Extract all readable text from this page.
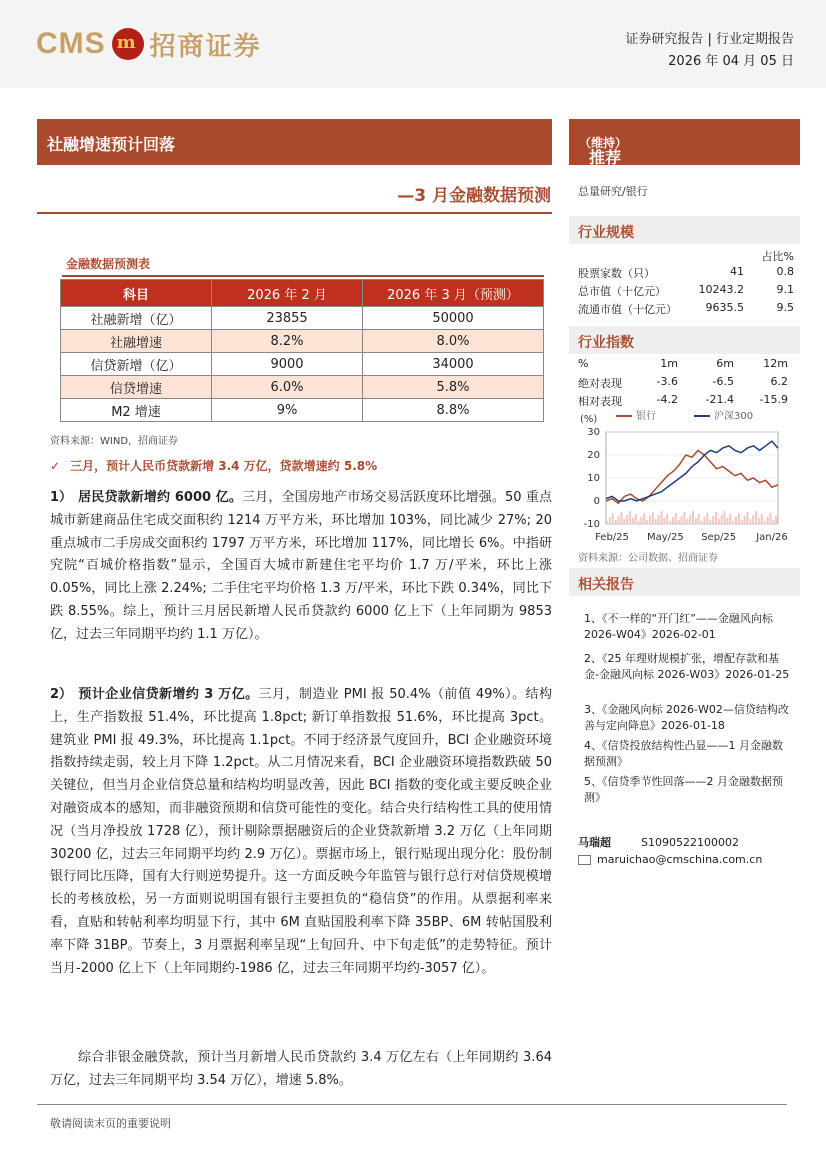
CMS m 招商证券	证券研究报告 | 行业定期报告
2026 年 04 月 05 日
社融增速预计回落
—3 月金融数据预测
金融数据预测表
科目	2026 年 2 月	2026 年 3 月（预测）
社融新增（亿）	23855	50000
社融增速	8.2%	8.0%
信贷新增（亿）	9000	34000
信贷增速	6.0%	5.8%
M2 增速	9%	8.8%
资料来源：WIND，招商证券
✓ 三月，预计人民币贷款新增 3.4 万亿，贷款增速约 5.8%
1） 居民贷款新增约 6000 亿。三月，全国房地产市场交易活跃度环比增强。50 重点城市新建商品住宅成交面积约 1214 万平方米，环比增加 103%，同比减少 27%; 20 重点城市二手房成交面积约 1797 万平方米，环比增加 117%，同比增长 6%。中指研究院“百城价格指数”显示，全国百大城市新建住宅平均价 1.7 万/平米，环比上涨 0.05%，同比上涨 2.24%; 二手住宅平均价格 1.3 万/平米，环比下跌 0.34%，同比下跌 8.55%。综上，预计三月居民新增人民币贷款约 6000 亿上下（上年同期为 9853 亿，过去三年同期平均约 1.1 万亿）。
2） 预计企业信贷新增约 3 万亿。三月，制造业 PMI 报 50.4%（前值 49%）。结构上，生产指数报 51.4%，环比提高 1.8pct; 新订单指数报 51.6%，环比提高 3pct。建筑业 PMI 报 49.3%，环比提高 1.1pct。不同于经济景气度回升，BCI 企业融资环境指数持续走弱，较上月下降 1.2pct。从二月情况来看，BCI 企业融资环境指数跌破 50 关键位，但当月企业信贷总量和结构均明显改善，因此 BCI 指数的变化或主要反映企业对融资成本的感知，而非融资预期和信贷可能性的变化。结合央行结构性工具的使用情况（当月净投放 1728 亿），预计剔除票据融资后的企业贷款新增 3.2 万亿（上年同期 30200 亿，过去三年同期平均约 2.9 万亿）。票据市场上，银行贴现出现分化：股份制银行同比压降，国有大行则逆势提升。这一方面反映今年监管与银行总行对信贷规模增长的考核放松，另一方面则说明国有银行主要担负的“稳信贷”的作用。从票据利率来看，直贴和转帖利率均明显下行，其中 6M 直贴国股利率下降 35BP、6M 转帖国股利率下降 31BP。节奏上，3 月票据利率呈现“上旬回升、中下旬走低”的走势特征。预计当月-2000 亿上下（上年同期约-1986 亿，过去三年同期平均约-3057 亿）。
综合非银金融贷款，预计当月新增人民币贷款约 3.4 万亿左右（上年同期约 3.64 万亿，过去三年同期平均 3.54 万亿），增速 5.8%。
敬请阅读末页的重要说明
推荐
（维持）
总量研究/银行
行业规模
占比%
股票家数（只）	41	0.8
总市值（十亿元）	10243.2	9.1
流通市值（十亿元）	9635.5	9.5
行业指数
%	1m	6m	12m
绝对表现	-3.6	-6.5	6.2
相对表现	-4.2	-21.4 -15.9
30
20
10
0
-10
(%)
Feb/25 May/25 Sep/25 Jan/26
银行	沪深300
资料来源：公司数据、招商证券
相关报告
1、《不一样的“开门红”——金融风向标 2026-W04》2026-02-01
2、《25 年理财规模扩张，增配存款和基金-金融风向标 2026-W03》2026-01-25
3、《金融风向标 2026-W02—信贷结构改善与定向降息》2026-01-18
4、《信贷投放结构性凸显——1 月金融数据预测》
5、《信贷季节性回落——2 月金融数据预测》
马瑞超	S1090522100002
maruichao@cmschina.com.cn
